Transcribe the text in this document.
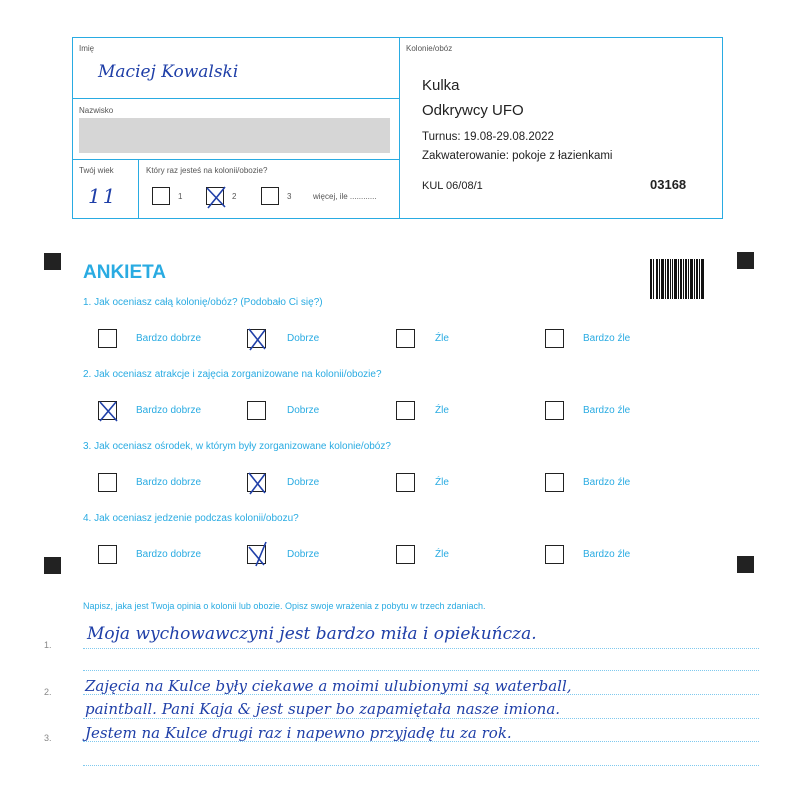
Imię
Maciej Kowalski
Nazwisko
Twój wiek
11
Który raz jesteś na kolonii/obozie?
1	2	3	więcej, ile ............
Kolonie/obóz
Kulka
Odkrywcy UFO
Turnus: 19.08-29.08.2022
Zakwaterowanie: pokoje z łazienkami
KUL 06/08/1	03168
ANKIETA
1. Jak oceniasz całą kolonię/obóz? (Podobało Ci się?)
Bardzo dobrze	Dobrze	Źle	Bardzo źle
2. Jak oceniasz atrakcje i zajęcia zorganizowane na kolonii/obozie?
Bardzo dobrze	Dobrze	Źle	Bardzo źle
3. Jak oceniasz ośrodek, w którym były zorganizowane kolonie/obóz?
Bardzo dobrze	Dobrze	Źle	Bardzo źle
4. Jak oceniasz jedzenie podczas kolonii/obozu?
Bardzo dobrze	Dobrze	Źle	Bardzo źle
Napisz, jaka jest Twoja opinia o kolonii lub obozie. Opisz swoje wrażenia z pobytu w trzech zdaniach.
1.
2.
3.
Moja wychowawczyni jest bardzo miła i opiekuńcza.
Zajęcia na Kulce były ciekawe a moimi ulubionymi są waterball,
paintball. Pani Kaja & jest super bo zapamiętała nasze imiona.
Jestem na Kulce drugi raz i napewno przyjadę tu za rok.
